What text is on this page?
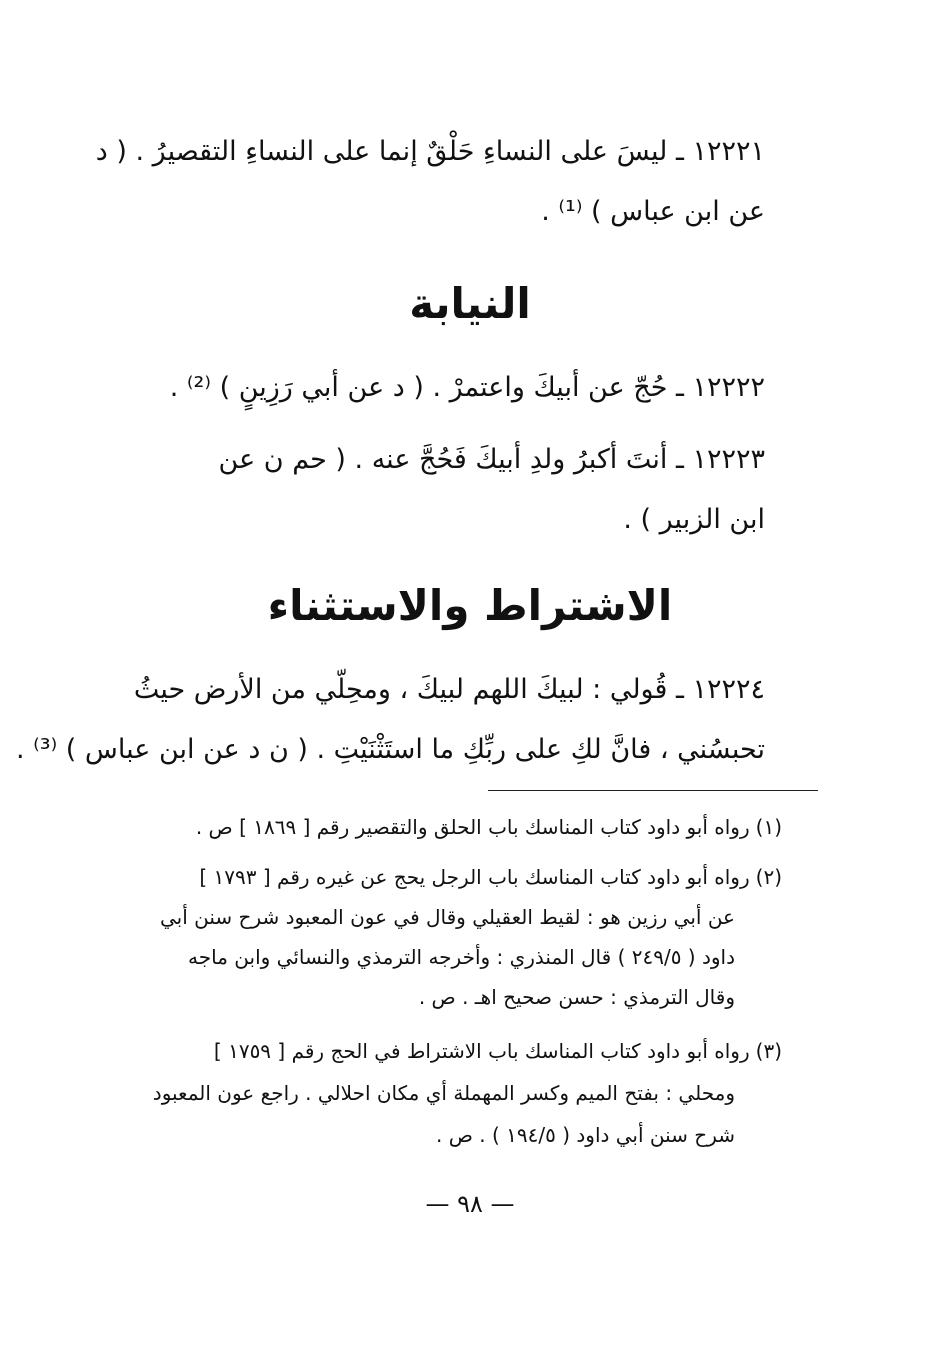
١٢٢٢١ ـ ليسَ على النساءِ حَلْقٌ إنما على النساءِ التقصيرُ . ( د
عن ابن عباس ) ⁽¹⁾ .
النيابة
١٢٢٢٢ ـ حُجّ عن أبيكَ واعتمرْ . ( د عن أبي رَزِينٍ ) ⁽²⁾ .
١٢٢٢٣ ـ أنتَ أكبرُ ولدِ أبيكَ فَحُجَّ عنه . ( حم ن عن
ابن الزبير ) .
الاشتراط والاستثناء
١٢٢٢٤ ـ قُولي : لبيكَ اللهم لبيكَ ، ومحِلّي من الأرض حيثُ
تحبسُني ، فانَّ لكِ على ربِّكِ ما استَثْنَيْتِ . ( ن د عن ابن عباس ) ⁽³⁾ .
(١)رواه أبو داود كتاب المناسك باب الحلق والتقصير رقم [ ١٨٦٩ ] ص .
(٢)رواه أبو داود كتاب المناسك باب الرجل يحج عن غيره رقم [ ١٧٩٣ ]
عن أبي رزين هو : لقيط العقيلي وقال في عون المعبود شرح سنن أبي
داود ( ٢٤٩/٥ ) قال المنذري : وأخرجه الترمذي والنسائي وابن ماجه
وقال الترمذي : حسن صحيح اهـ . ص .
(٣)رواه أبو داود كتاب المناسك باب الاشتراط في الحج رقم [ ١٧٥٩ ]
ومحلي : بفتح الميم وكسر المهملة أي مكان احلالي . راجع عون المعبود
شرح سنن أبي داود ( ١٩٤/٥ ) . ص .
— ٩٨ —
